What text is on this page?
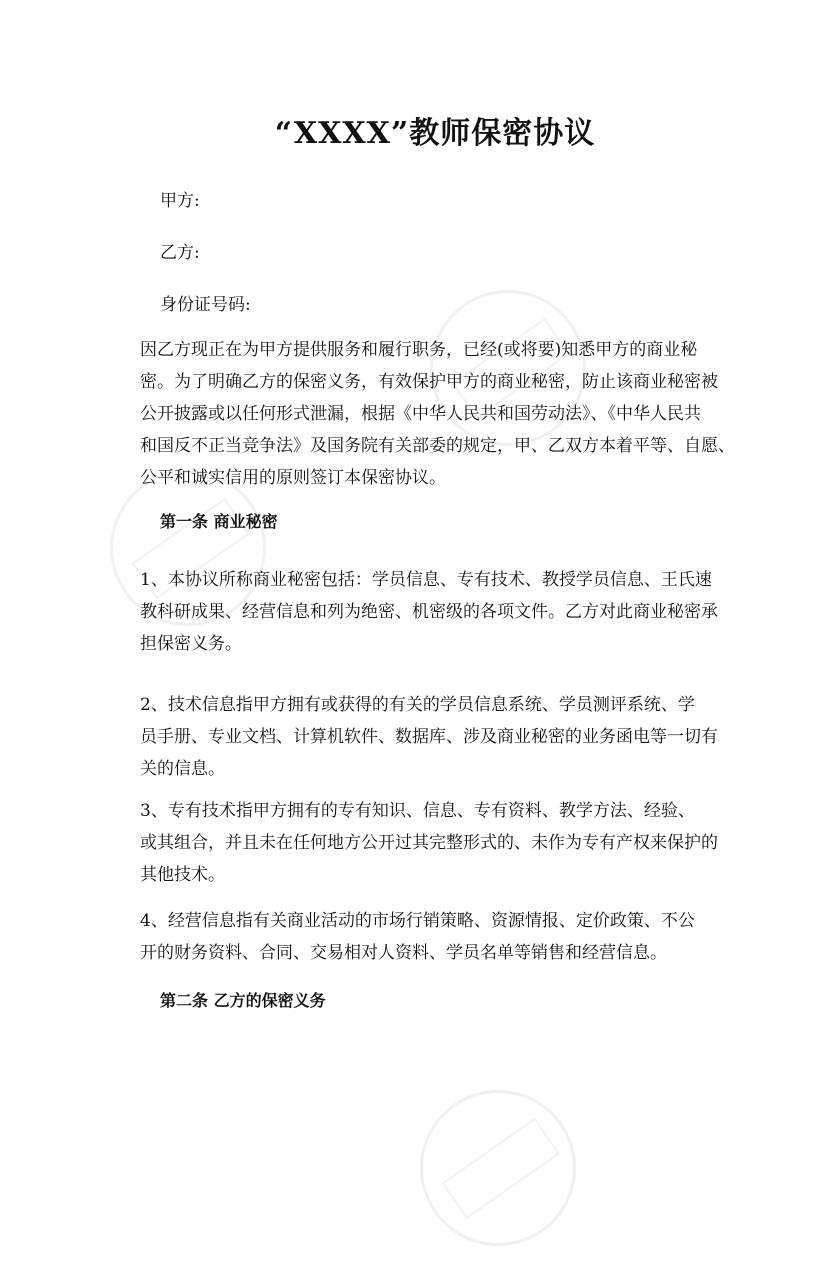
“XXXX”教师保密协议
甲方:
乙方:
身份证号码:

因乙方现正在为甲方提供服务和履行职务，已经(或将要)知悉甲方的商业秘
密。为了明确乙方的保密义务，有效保护甲方的商业秘密，防止该商业秘密被
公开披露或以任何形式泄漏，根据《中华人民共和国劳动法》、《中华人民共
和国反不正当竞争法》及国务院有关部委的规定，甲、乙双方本着平等、自愿、
公平和诚实信用的原则签订本保密协议。

第一条 商业秘密

1、本协议所称商业秘密包括：学员信息、专有技术、教授学员信息、王氏速
教科研成果、经营信息和列为绝密、机密级的各项文件。乙方对此商业秘密承
担保密义务。

2、技术信息指甲方拥有或获得的有关的学员信息系统、学员测评系统、学
员手册、专业文档、计算机软件、数据库、涉及商业秘密的业务函电等一切有
关的信息。

3、专有技术指甲方拥有的专有知识、信息、专有资料、教学方法、经验、
或其组合，并且未在任何地方公开过其完整形式的、未作为专有产权来保护的
其他技术。

4、经营信息指有关商业活动的市场行销策略、资源情报、定价政策、不公
开的财务资料、合同、交易相对人资料、学员名单等销售和经营信息。

第二条 乙方的保密义务
